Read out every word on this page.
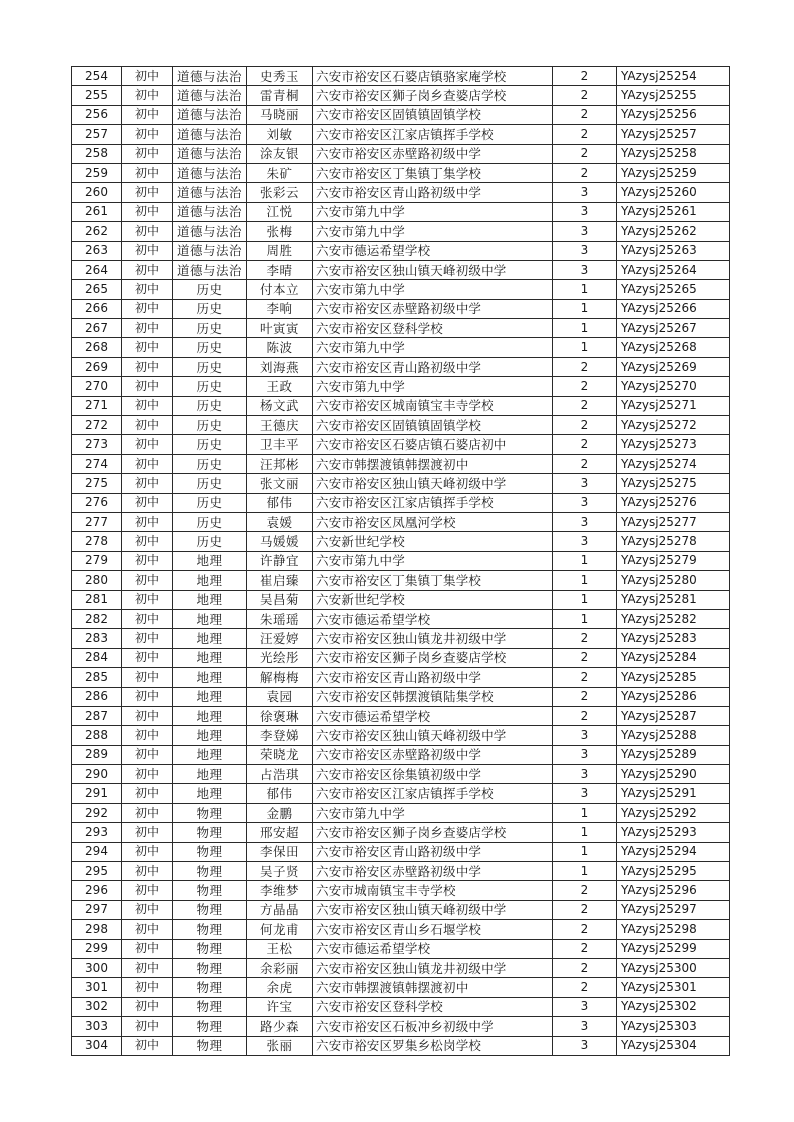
254	初中	道德与法治	史秀玉	六安市裕安区石婆店镇骆家庵学校	2	YAzysj25254
255	初中	道德与法治	雷青桐	六安市裕安区狮子岗乡查婆店学校	2	YAzysj25255
256	初中	道德与法治	马晓丽	六安市裕安区固镇镇固镇学校	2	YAzysj25256
257	初中	道德与法治	刘敏	六安市裕安区江家店镇挥手学校	2	YAzysj25257
258	初中	道德与法治	涂友银	六安市裕安区赤壁路初级中学	2	YAzysj25258
259	初中	道德与法治	朱矿	六安市裕安区丁集镇丁集学校	2	YAzysj25259
260	初中	道德与法治	张彩云	六安市裕安区青山路初级中学	3	YAzysj25260
261	初中	道德与法治	江悦	六安市第九中学	3	YAzysj25261
262	初中	道德与法治	张梅	六安市第九中学	3	YAzysj25262
263	初中	道德与法治	周胜	六安市德运希望学校	3	YAzysj25263
264	初中	道德与法治	李晴	六安市裕安区独山镇天峰初级中学	3	YAzysj25264
265	初中	历史	付本立	六安市第九中学	1	YAzysj25265
266	初中	历史	李响	六安市裕安区赤壁路初级中学	1	YAzysj25266
267	初中	历史	叶寅寅	六安市裕安区登科学校	1	YAzysj25267
268	初中	历史	陈波	六安市第九中学	1	YAzysj25268
269	初中	历史	刘海燕	六安市裕安区青山路初级中学	2	YAzysj25269
270	初中	历史	王政	六安市第九中学	2	YAzysj25270
271	初中	历史	杨文武	六安市裕安区城南镇宝丰寺学校	2	YAzysj25271
272	初中	历史	王德庆	六安市裕安区固镇镇固镇学校	2	YAzysj25272
273	初中	历史	卫丰平	六安市裕安区石婆店镇石婆店初中	2	YAzysj25273
274	初中	历史	汪邦彬	六安市韩摆渡镇韩摆渡初中	2	YAzysj25274
275	初中	历史	张文丽	六安市裕安区独山镇天峰初级中学	3	YAzysj25275
276	初中	历史	郁伟	六安市裕安区江家店镇挥手学校	3	YAzysj25276
277	初中	历史	袁媛	六安市裕安区凤凰河学校	3	YAzysj25277
278	初中	历史	马媛媛	六安新世纪学校	3	YAzysj25278
279	初中	地理	许静宜	六安市第九中学	1	YAzysj25279
280	初中	地理	崔启臻	六安市裕安区丁集镇丁集学校	1	YAzysj25280
281	初中	地理	吴昌菊	六安新世纪学校	1	YAzysj25281
282	初中	地理	朱瑶瑶	六安市德运希望学校	1	YAzysj25282
283	初中	地理	汪爱婷	六安市裕安区独山镇龙井初级中学	2	YAzysj25283
284	初中	地理	光绘彤	六安市裕安区狮子岗乡查婆店学校	2	YAzysj25284
285	初中	地理	解梅梅	六安市裕安区青山路初级中学	2	YAzysj25285
286	初中	地理	袁园	六安市裕安区韩摆渡镇陆集学校	2	YAzysj25286
287	初中	地理	徐褒琳	六安市德运希望学校	2	YAzysj25287
288	初中	地理	李登娣	六安市裕安区独山镇天峰初级中学	3	YAzysj25288
289	初中	地理	荣晓龙	六安市裕安区赤壁路初级中学	3	YAzysj25289
290	初中	地理	占浩琪	六安市裕安区徐集镇初级中学	3	YAzysj25290
291	初中	地理	郁伟	六安市裕安区江家店镇挥手学校	3	YAzysj25291
292	初中	物理	金鹏	六安市第九中学	1	YAzysj25292
293	初中	物理	邢安超	六安市裕安区狮子岗乡查婆店学校	1	YAzysj25293
294	初中	物理	李保田	六安市裕安区青山路初级中学	1	YAzysj25294
295	初中	物理	吴子贤	六安市裕安区赤壁路初级中学	1	YAzysj25295
296	初中	物理	李维梦	六安市城南镇宝丰寺学校	2	YAzysj25296
297	初中	物理	方晶晶	六安市裕安区独山镇天峰初级中学	2	YAzysj25297
298	初中	物理	何龙甫	六安市裕安区青山乡石堰学校	2	YAzysj25298
299	初中	物理	王松	六安市德运希望学校	2	YAzysj25299
300	初中	物理	余彩丽	六安市裕安区独山镇龙井初级中学	2	YAzysj25300
301	初中	物理	余虎	六安市韩摆渡镇韩摆渡初中	2	YAzysj25301
302	初中	物理	许宝	六安市裕安区登科学校	3	YAzysj25302
303	初中	物理	路少森	六安市裕安区石板冲乡初级中学	3	YAzysj25303
304	初中	物理	张丽	六安市裕安区罗集乡松岗学校	3	YAzysj25304
